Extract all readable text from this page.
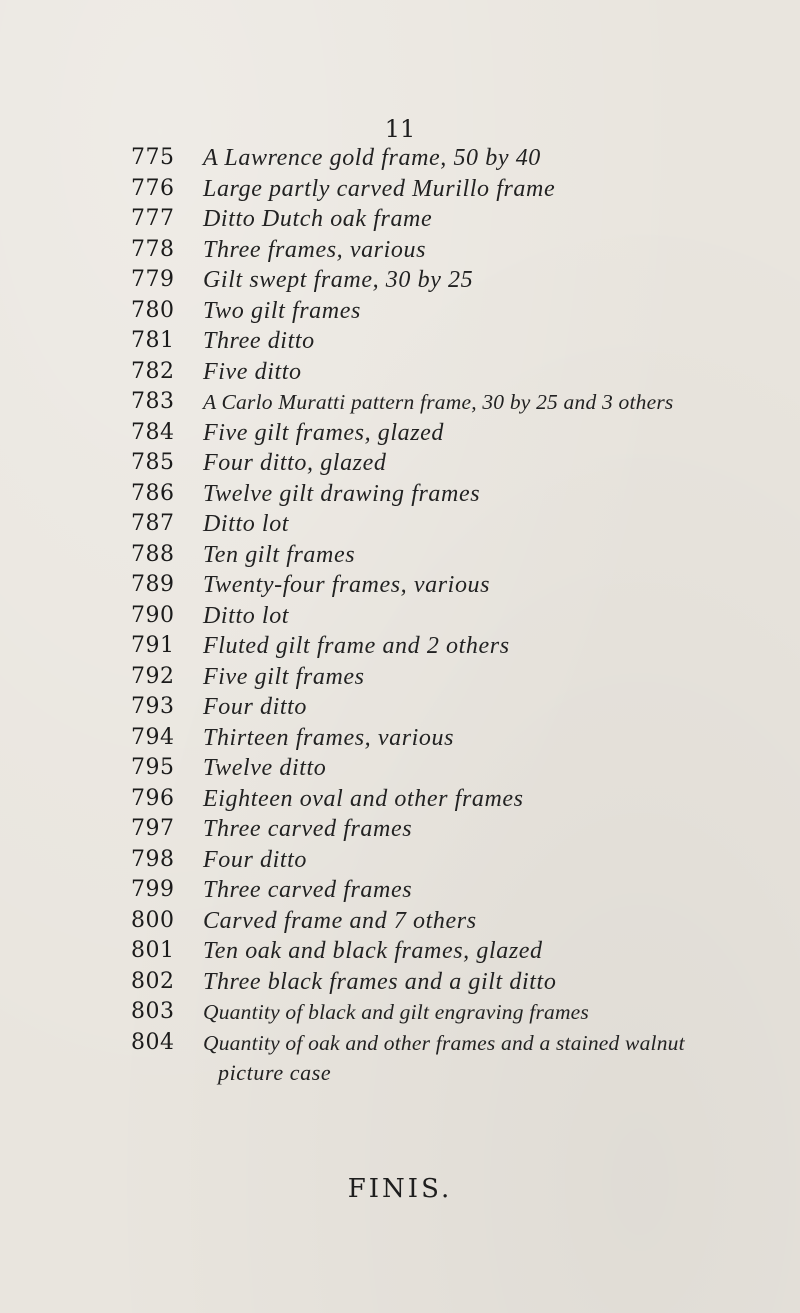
11
775	A Lawrence gold frame, 50 by 40
776	Large partly carved Murillo frame
777	Ditto Dutch oak frame
778	Three frames, various
779	Gilt swept frame, 30 by 25
780	Two gilt frames
781	Three ditto
782	Five ditto
783	A Carlo Muratti pattern frame, 30 by 25 and 3 others
784	Five gilt frames, glazed
785	Four ditto, glazed
786	Twelve gilt drawing frames
787	Ditto lot
788	Ten gilt frames
789	Twenty-four frames, various
790	Ditto lot
791	Fluted gilt frame and 2 others
792	Five gilt frames
793	Four ditto
794	Thirteen frames, various
795	Twelve ditto
796	Eighteen oval and other frames
797	Three carved frames
798	Four ditto
799	Three carved frames
800	Carved frame and 7 others
801	Ten oak and black frames, glazed
802	Three black frames and a gilt ditto
803	Quantity of black and gilt engraving frames
804	Quantity of oak and other frames and a stained walnut
picture case
FINIS.
